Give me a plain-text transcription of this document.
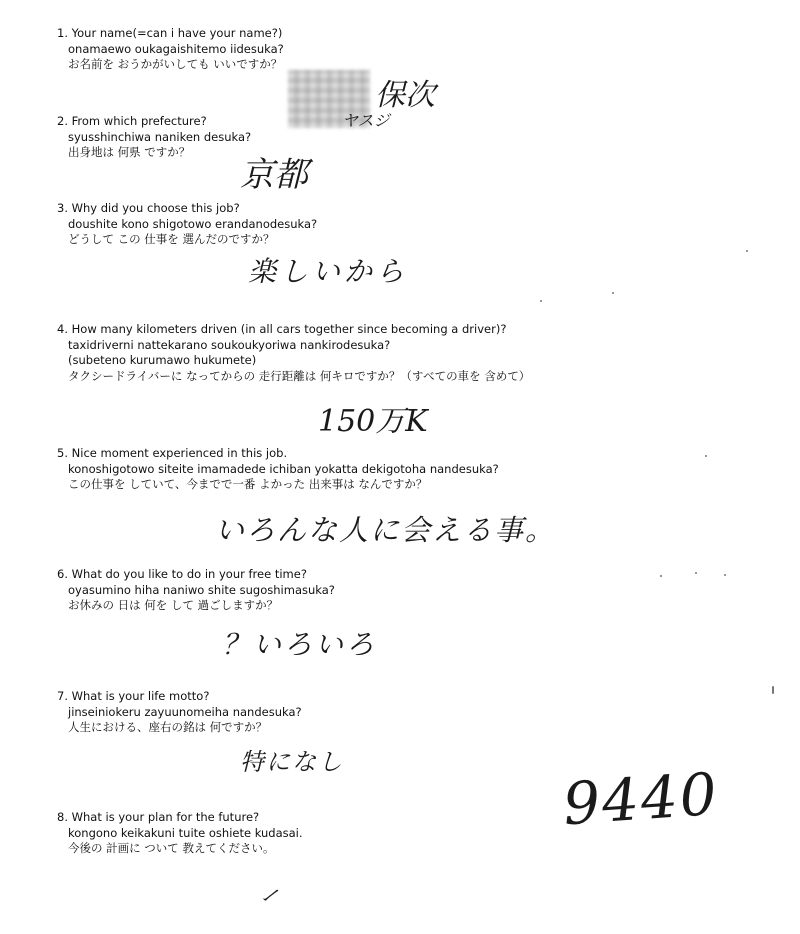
1. Your name(=can i have your name?)
onamaewo oukagaishitemo iidesuka?
お名前を おうかがいしても いいですか？
保次
ヤスジ
2. From which prefecture?
syusshinchiwa naniken desuka?
出身地は 何県 ですか？
京都
3. Why did you choose this job?
doushite kono shigotowo erandanodesuka?
どうして この 仕事を 選んだのですか？
楽しいから
4. How many kilometers driven (in all cars together since becoming a driver)?
taxidriverni nattekarano soukoukyoriwa nankirodesuka?
(subeteno kurumawo hukumete)
タクシードライバーに なってからの 走行距離は 何キロですか？（すべての車を 含めて）
150万K
5. Nice moment experienced in this job.
konoshigotowo siteite imamadede ichiban yokatta dekigotoha nandesuka?
この仕事を していて、今までで一番 よかった 出来事は なんですか？
いろんな人に会える事。
6. What do you like to do in your free time?
oyasumino hiha naniwo shite sugoshimasuka?
お休みの 日は 何を して 過ごしますか？
？いろいろ
7. What is your life motto?
jinseiniokeru zayuunomeiha nandesuka?
人生における、座右の銘は 何ですか？
特になし	9440
8. What is your plan for the future?
kongono keikakuni tuite oshiete kudasai.
今後の 計画に ついて 教えてください。
ー
